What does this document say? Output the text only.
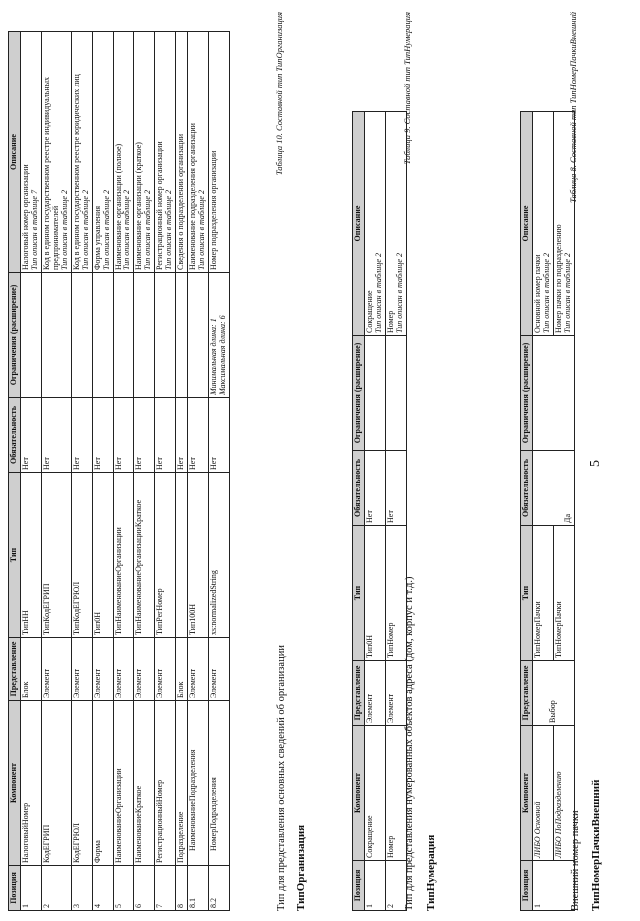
5
ТипНомерПачкиВнешний
Внешний номер пачки
Таблица 8. Составной тип ТипНомерПачкиВнешний
Позиция	Компонент	Представление	Тип	Обязательность	Ограничения (расширение)	Описание
1	ЛИБО Основной	Выбор	ТипНомерПачки	Да		Основной номер пачки Тип описан в таблице 2

	ЛИБО ПоПодразделению		ТипНомерПачки			Номер пачки по подразделению Тип описан в таблице 2
ТипНумерация
Тип для представления нумерованных объектов адреса (дом, корпус и т.д.)
Таблица 9. Составной тип ТипНумерация
Позиция	Компонент	Представление	Тип	Обязательность	Ограничения (расширение)	Описание
1	Сокращение	Элемент	Тип0Н	Нет		Сокращение Тип описан в таблице 2

2	Номер	Элемент	ТипНомер	Нет		Номер Тип описан в таблице 2
ТипОрганизация
Тип для представления основных сведений об организации
Таблица 10. Составной тип ТипОрганизация
Позиция	Компонент	Представление	Тип	Обязательность	Ограничения (расширение)	Описание
1	НалоговыйНомер	Блок	ТипНН	Нет		Налоговый номер организации Тип описан в таблице 7

2	КодЕГРИП	Элемент	ТипКодЕГРИП	Нет		Код в едином государственном реестре индивидуальных предпринимателей Тип описан в таблице 2

3	КодЕГРЮЛ	Элемент	ТипКодЕГРЮЛ	Нет		Код в едином государственном реестре юридических лиц Тип описан в таблице 2

4	Форма	Элемент	Тип0Н	Нет		Форма управления Тип описан в таблице 2

5	НаименованиеОрганизации	Элемент	ТипНаименованиеОрганизации	Нет		Наименование организации (полное) Тип описан в таблице 2

6	НаименованиеКраткое	Элемент	ТипНаименованиеОрганизацииКраткое	Нет		Наименование организации (краткое) Тип описан в таблице 2

7	РегистрационныйНомер	Элемент	ТипРегНомер	Нет		Регистрационный номер организации Тип описан в таблице 2

8	Подразделение	Блок		Нет		Сведения о подразделении организации

8.1	НаименованиеПодразделения	Элемент	Тип100Н	Нет		Наименование подразделения организации Тип описан в таблице 2

8.2	НомерПодразделения	Элемент	xs:normalizedString	Нет	Минимальная длина: 1 Максимальная длина: 6	Номер подразделения организации
